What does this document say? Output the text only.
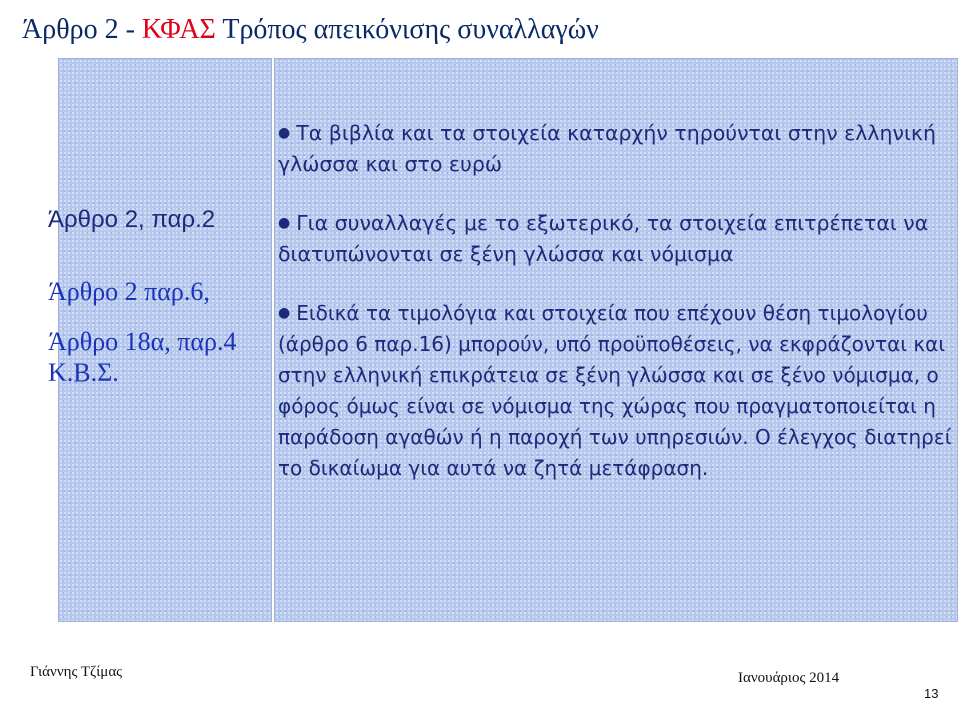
Άρθρο 2 - ΚΦΑΣ Τρόπος απεικόνισης συναλλαγών
Άρθρο 2, παρ.2
Άρθρο 2 παρ.6,
Άρθρο 18α, παρ.4 Κ.Β.Σ.
● Τα βιβλία και τα στοιχεία καταρχήν τηρούνται στην ελληνική γλώσσα και στο ευρώ
● Για συναλλαγές με το εξωτερικό, τα στοιχεία επιτρέπεται να διατυπώνονται σε ξένη γλώσσα και νόμισμα
● Ειδικά τα τιμολόγια και στοιχεία που επέχουν θέση τιμολογίου (άρθρο 6 παρ.16) μπορούν, υπό προϋποθέσεις, να εκφράζονται και στην ελληνική επικράτεια σε ξένη γλώσσα και σε ξένο νόμισμα, ο φόρος όμως είναι σε νόμισμα της χώρας που πραγματοποιείται η παράδοση αγαθών ή η παροχή των υπηρεσιών. Ο έλεγχος διατηρεί το δικαίωμα για αυτά να ζητά μετάφραση.
Γιάννης Τζίμας	Ιανουάριος 2014
13
